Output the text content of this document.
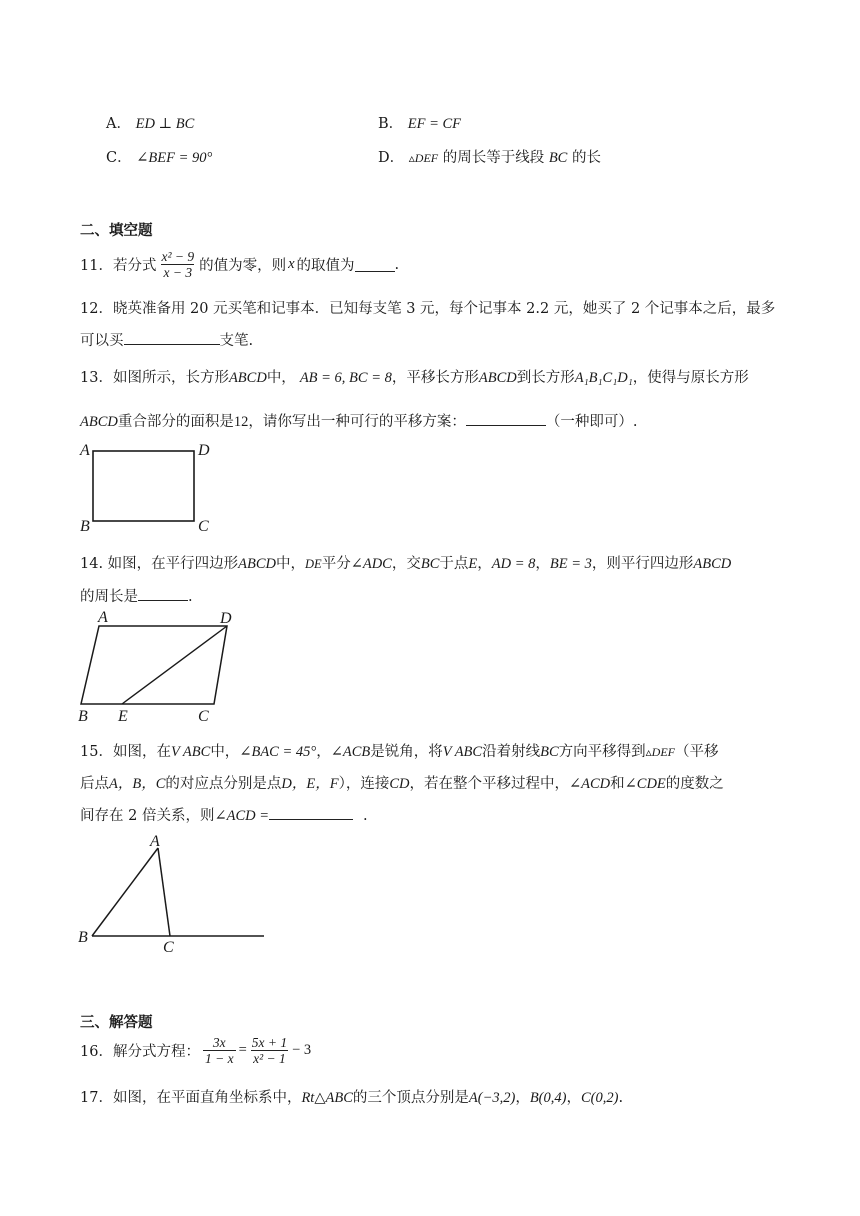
A． ED ⊥ BC	B． EF = CF
C． ∠BEF = 90°	D． ▵DEF 的周长等于线段 BC 的长
二、填空题
11．若分式 $\frac{\text{x² − 9}}{x - 3}$ 的值为零，则 x 的取值为	.
12．晓英准备用 20 元买笔和记事本．已知每支笔 3 元，每个记事本 2.2 元，她买了 2 个记事本之后，最多
可以买	支笔.
13．如图所示，长方形ABCD中， AB = 6, BC = 8，平移长方形ABCD到长方形A₁B₁C₁D₁，使得与原长方形
ABCD重合部分的面积是12，请你写出一种可行的平移方案：	（一种即可）.
A	D
B	C
14. 如图，在平行四边形ABCD中，DE平分∠ADC，交BC于点E，AD = 8，BE = 3，则平行四边形ABCD
的周长是	.
A	D
B E	C
15．如图，在V ABC中，∠BAC = 45°，∠ACB是锐角，将V ABC沿着射线BC方向平移得到▵DEF（平移
后点A，B，C的对应点分别是点D，E，F），连接CD，若在整个平移过程中，∠ACD和∠CDE的度数之
间存在 2 倍关系，则∠ACD =	.
A
B
C
三、解答题
16．解分式方程： $\frac{3x}{1 - x} = \frac{5x + 1}{\text{x² − 1}} - 3$
17．如图，在平面直角坐标系中，Rt△ABC的三个顶点分别是A(−3,2)，B(0,4)，C(0,2).
